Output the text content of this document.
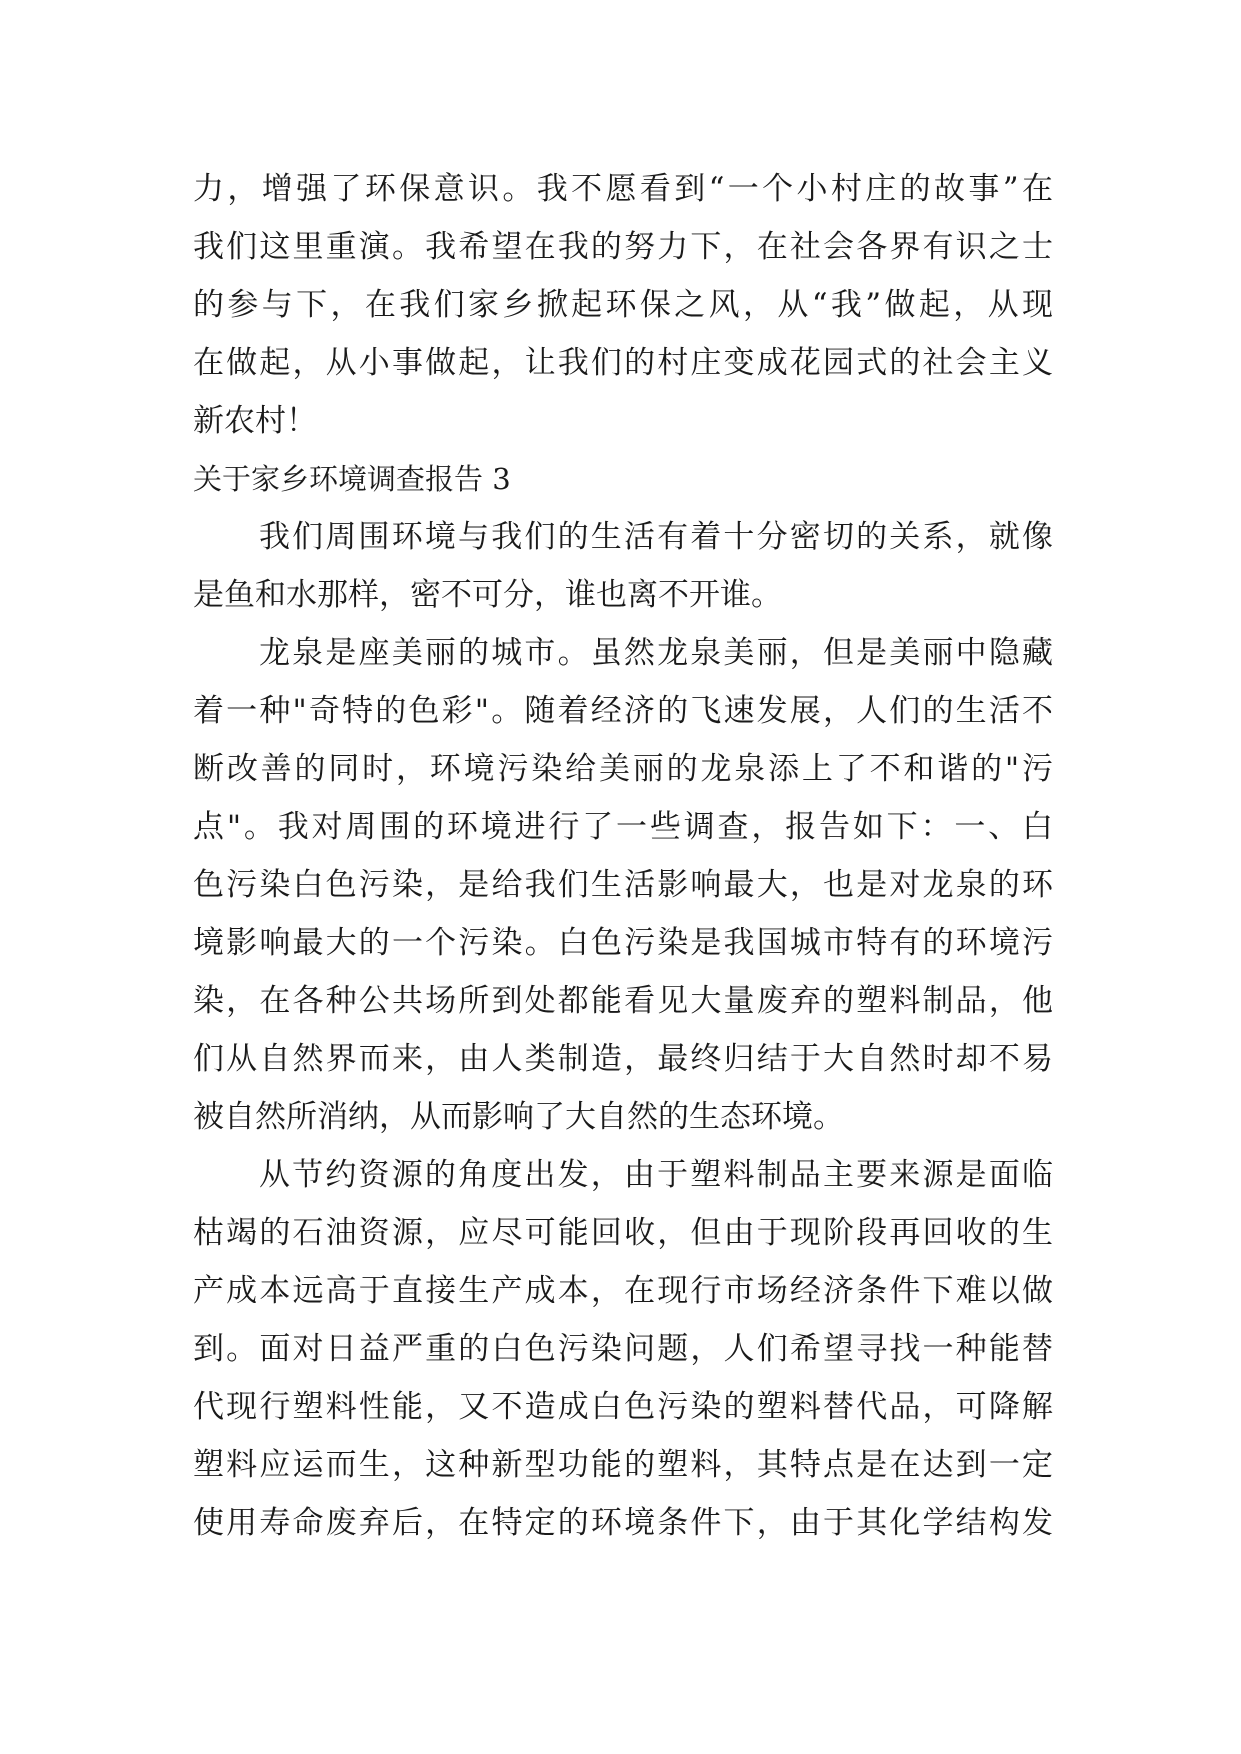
力，增强了环保意识。我不愿看到“一个小村庄的故事”在
我们这里重演。我希望在我的努力下，在社会各界有识之士
的参与下，在我们家乡掀起环保之风，从“我”做起，从现
在做起，从小事做起，让我们的村庄变成花园式的社会主义
新农村！
关于家乡环境调查报告 3
我们周围环境与我们的生活有着十分密切的关系，就像
是鱼和水那样，密不可分，谁也离不开谁。
龙泉是座美丽的城市。虽然龙泉美丽，但是美丽中隐藏
着一种"奇特的色彩"。随着经济的飞速发展，人们的生活不
断改善的同时，环境污染给美丽的龙泉添上了不和谐的"污
点"。我对周围的环境进行了一些调查，报告如下：一、白
色污染白色污染，是给我们生活影响最大，也是对龙泉的环
境影响最大的一个污染。白色污染是我国城市特有的环境污
染，在各种公共场所到处都能看见大量废弃的塑料制品，他
们从自然界而来，由人类制造，最终归结于大自然时却不易
被自然所消纳，从而影响了大自然的生态环境。
从节约资源的角度出发，由于塑料制品主要来源是面临
枯竭的石油资源，应尽可能回收，但由于现阶段再回收的生
产成本远高于直接生产成本，在现行市场经济条件下难以做
到。面对日益严重的白色污染问题，人们希望寻找一种能替
代现行塑料性能，又不造成白色污染的塑料替代品，可降解
塑料应运而生，这种新型功能的塑料，其特点是在达到一定
使用寿命废弃后，在特定的环境条件下，由于其化学结构发
